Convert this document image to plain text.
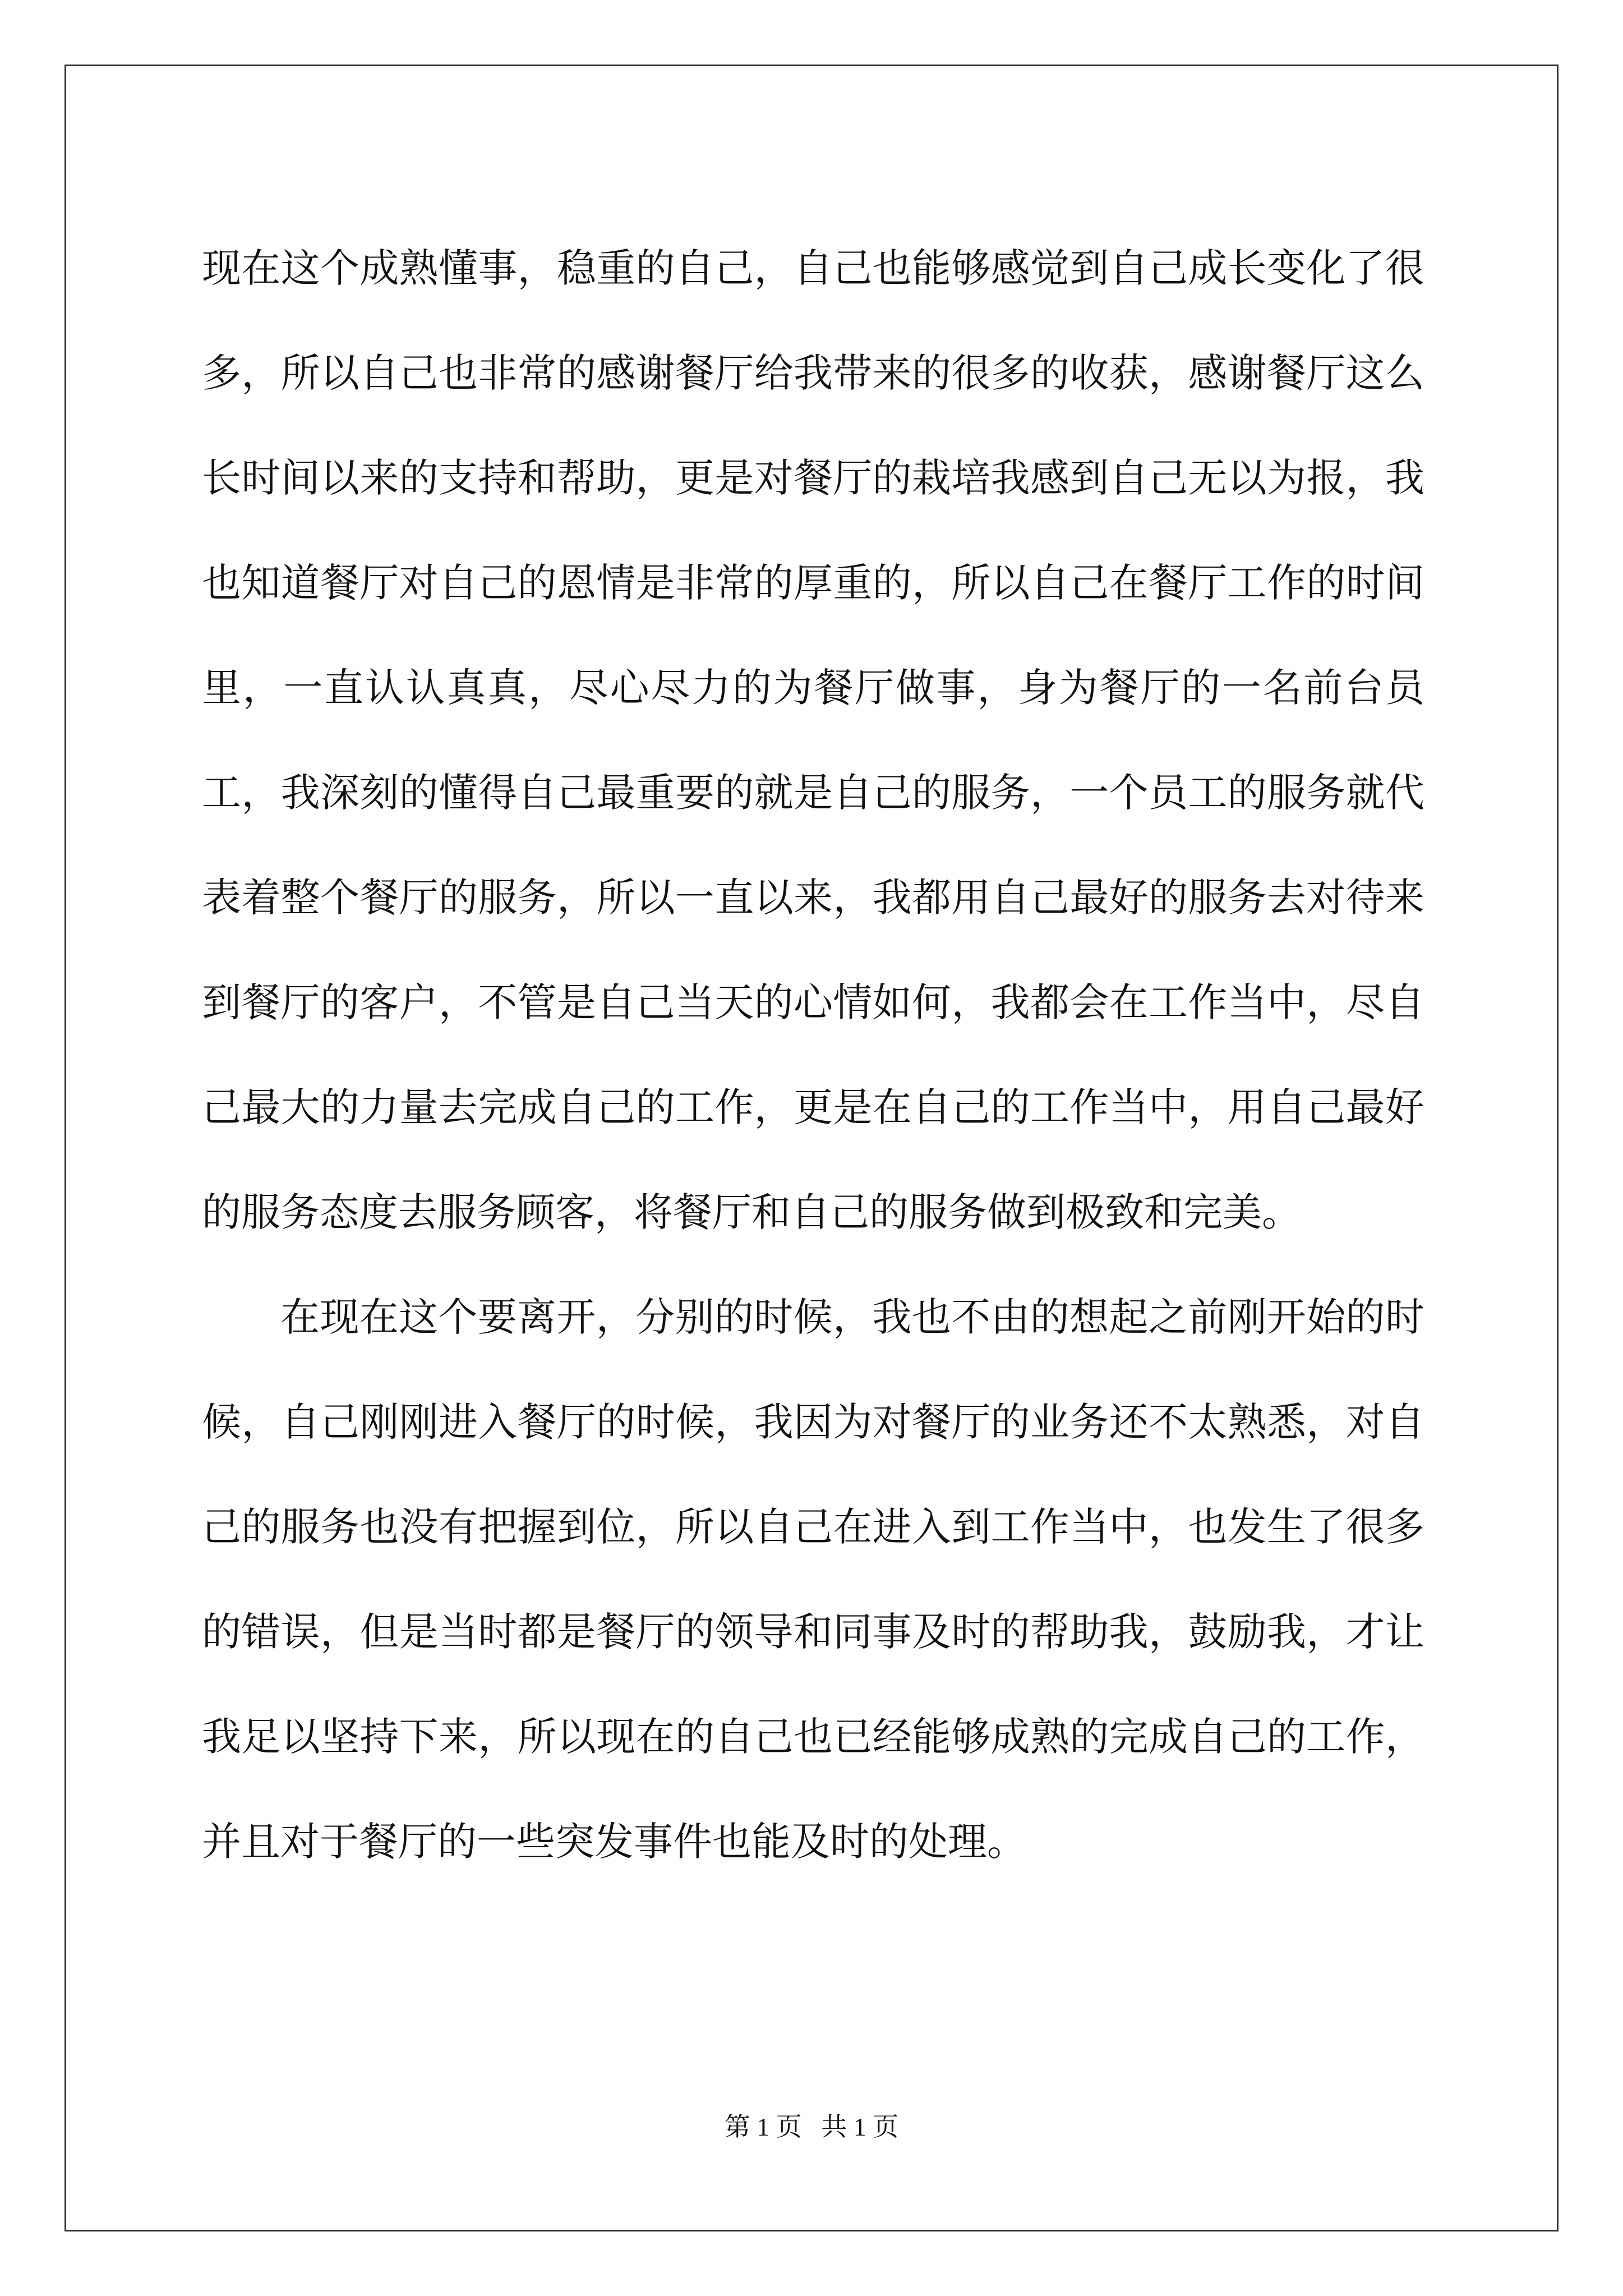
现在这个成熟懂事，稳重的自己，自己也能够感觉到自己成长变化了很多，所以自己也非常的感谢餐厅给我带来的很多的收获，感谢餐厅这么长时间以来的支持和帮助，更是对餐厅的栽培我感到自己无以为报，我也知道餐厅对自己的恩情是非常的厚重的，所以自己在餐厅工作的时间里，一直认认真真，尽心尽力的为餐厅做事，身为餐厅的一名前台员工，我深刻的懂得自己最重要的就是自己的服务，一个员工的服务就代表着整个餐厅的服务，所以一直以来，我都用自己最好的服务去对待来到餐厅的客户，不管是自己当天的心情如何，我都会在工作当中，尽自己最大的力量去完成自己的工作，更是在自己的工作当中，用自己最好的服务态度去服务顾客，将餐厅和自己的服务做到极致和完美。

在现在这个要离开，分别的时候，我也不由的想起之前刚开始的时候，自己刚刚进入餐厅的时候，我因为对餐厅的业务还不太熟悉，对自己的服务也没有把握到位，所以自己在进入到工作当中，也发生了很多的错误，但是当时都是餐厅的领导和同事及时的帮助我，鼓励我，才让我足以坚持下来，所以现在的自己也已经能够成熟的完成自己的工作，并且对于餐厅的一些突发事件也能及时的处理。

第 1 页   共 1 页
